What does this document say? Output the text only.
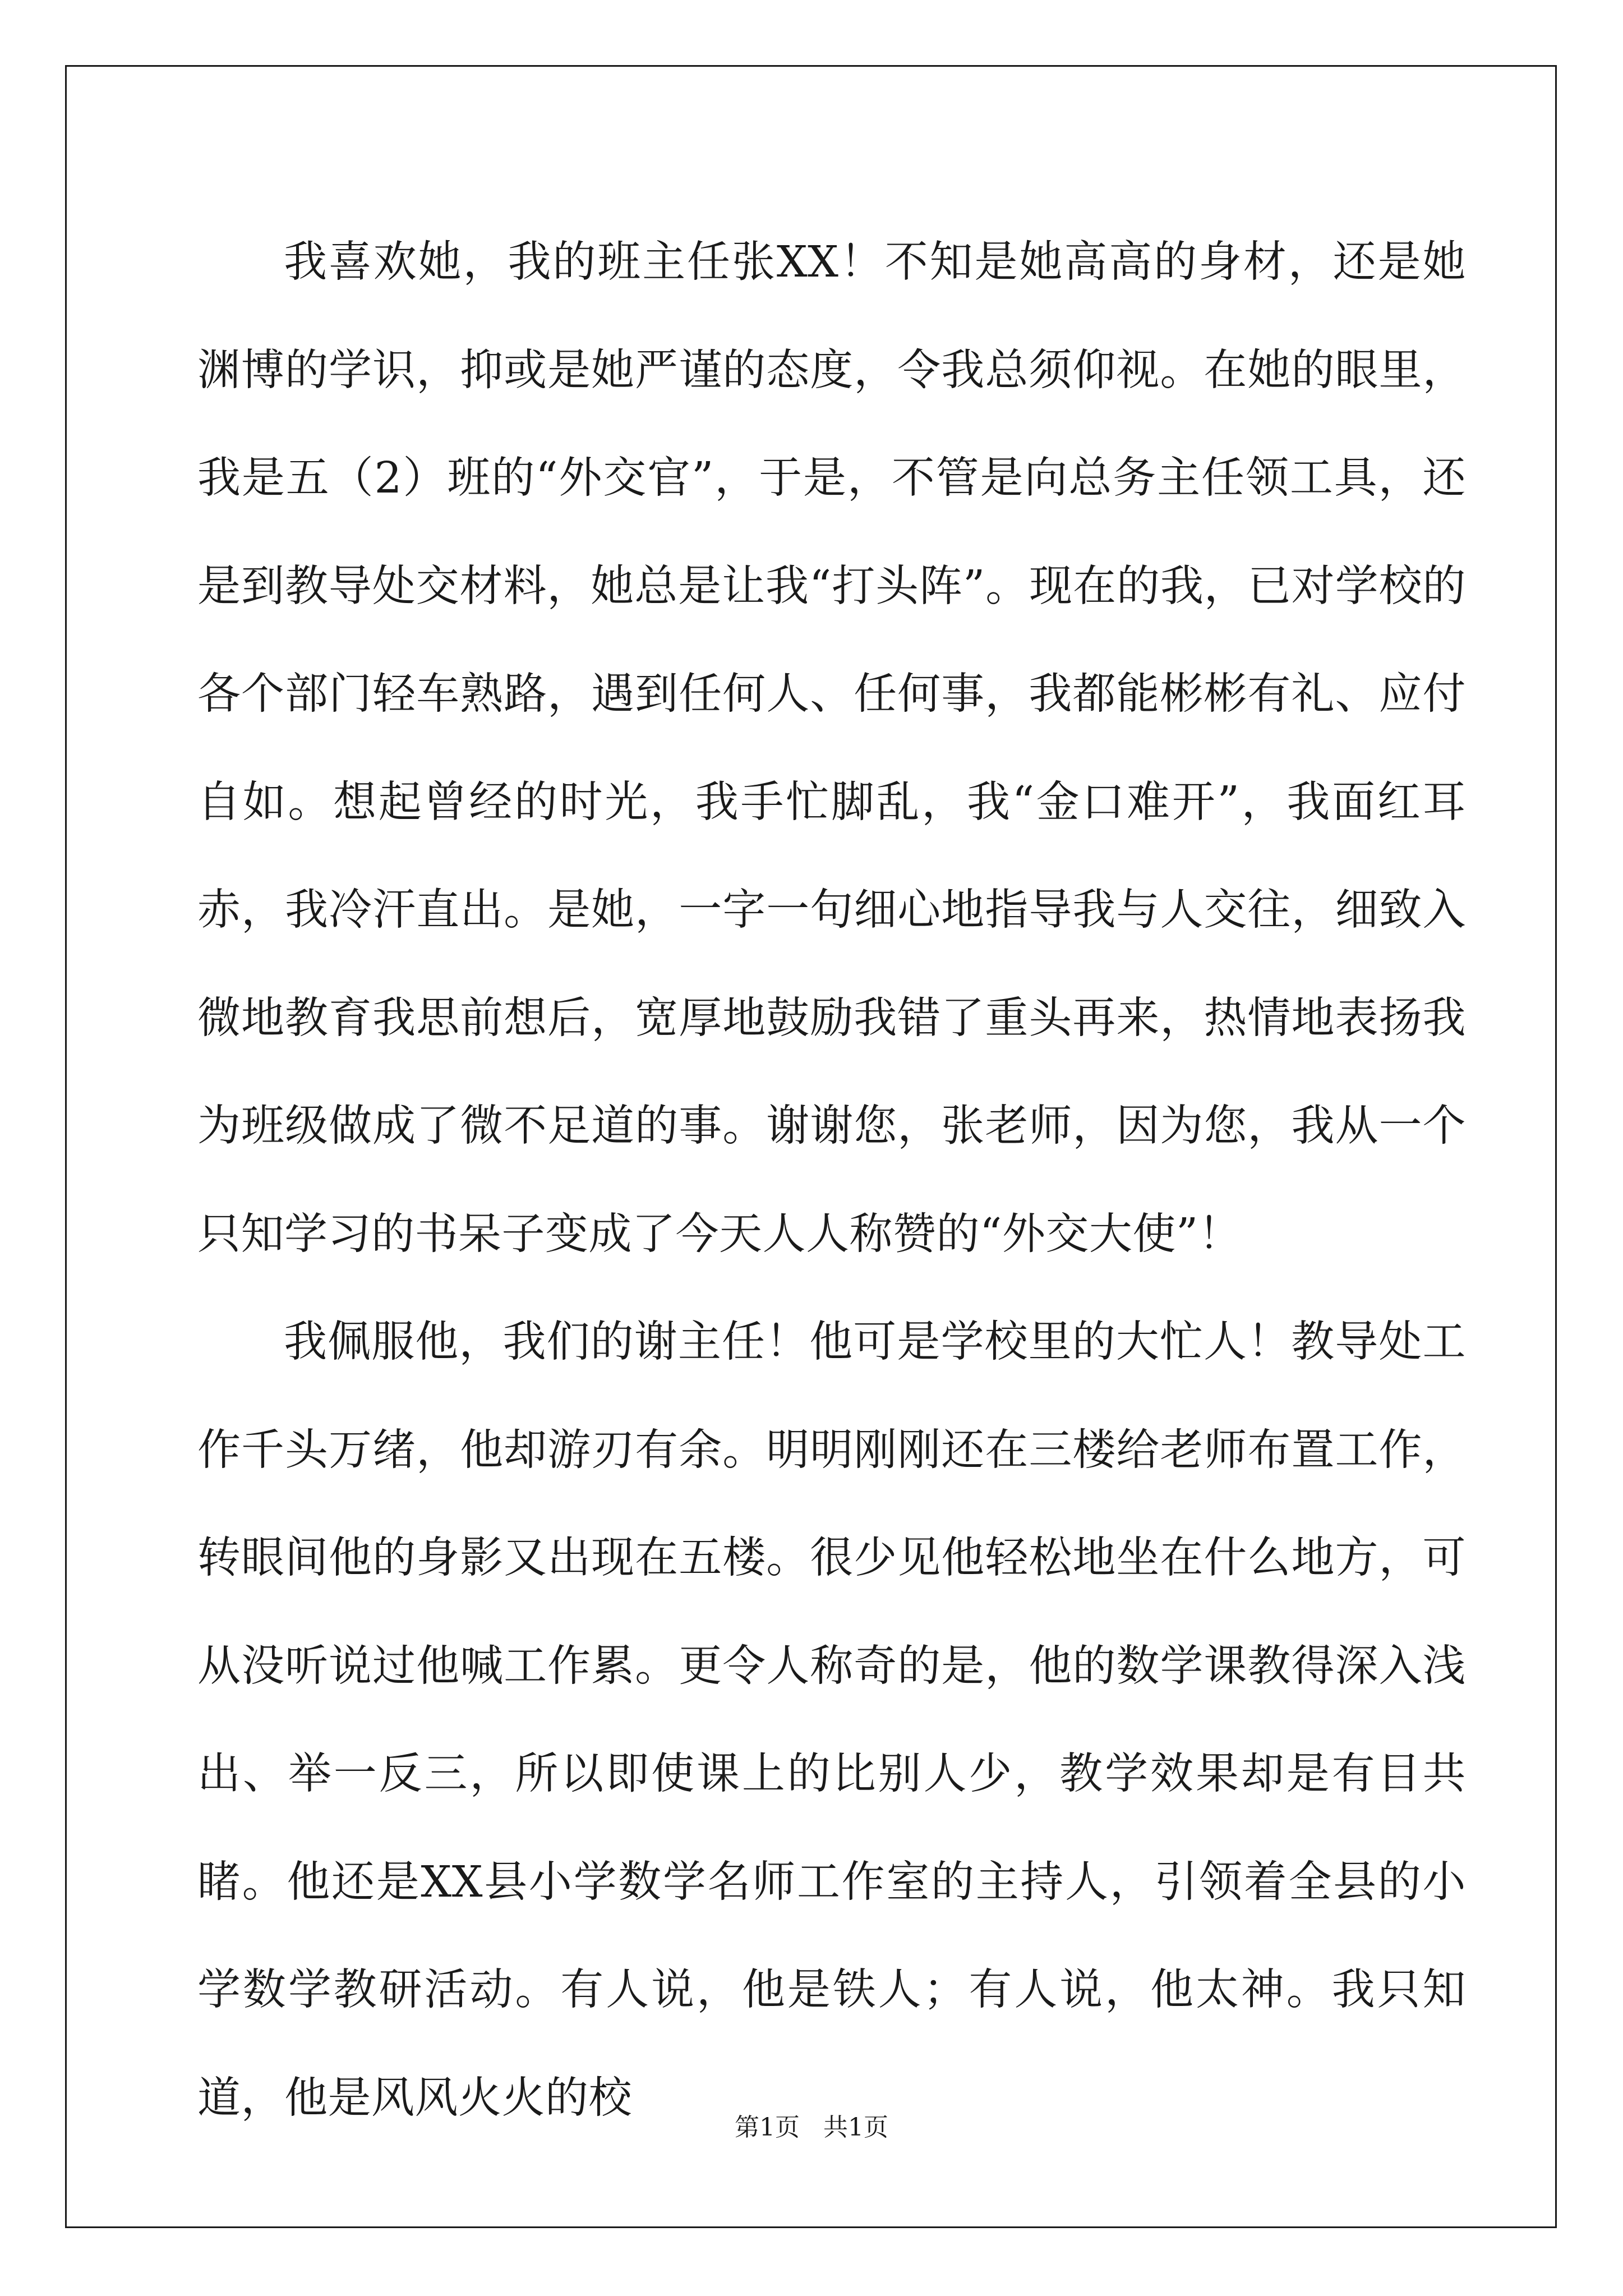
我喜欢她，我的班主任张XX！不知是她高高的身材，还是她渊博的学识，抑或是她严谨的态度，令我总须仰视。在她的眼里，我是五（2）班的“外交官”，于是，不管是向总务主任领工具，还是到教导处交材料，她总是让我“打头阵”。现在的我，已对学校的各个部门轻车熟路，遇到任何人、任何事，我都能彬彬有礼、应付自如。想起曾经的时光，我手忙脚乱，我“金口难开”，我面红耳赤，我冷汗直出。是她，一字一句细心地指导我与人交往，细致入微地教育我思前想后，宽厚地鼓励我错了重头再来，热情地表扬我为班级做成了微不足道的事。谢谢您，张老师，因为您，我从一个只知学习的书呆子变成了今天人人称赞的“外交大使”！

我佩服他，我们的谢主任！他可是学校里的大忙人！教导处工作千头万绪，他却游刃有余。明明刚刚还在三楼给老师布置工作，转眼间他的身影又出现在五楼。很少见他轻松地坐在什么地方，可从没听说过他喊工作累。更令人称奇的是，他的数学课教得深入浅出、举一反三，所以即使课上的比别人少，教学效果却是有目共睹。他还是XX县小学数学名师工作室的主持人，引领着全县的小学数学教研活动。有人说，他是铁人；有人说，他太神。我只知道，他是风风火火的校

第1页   共1页
